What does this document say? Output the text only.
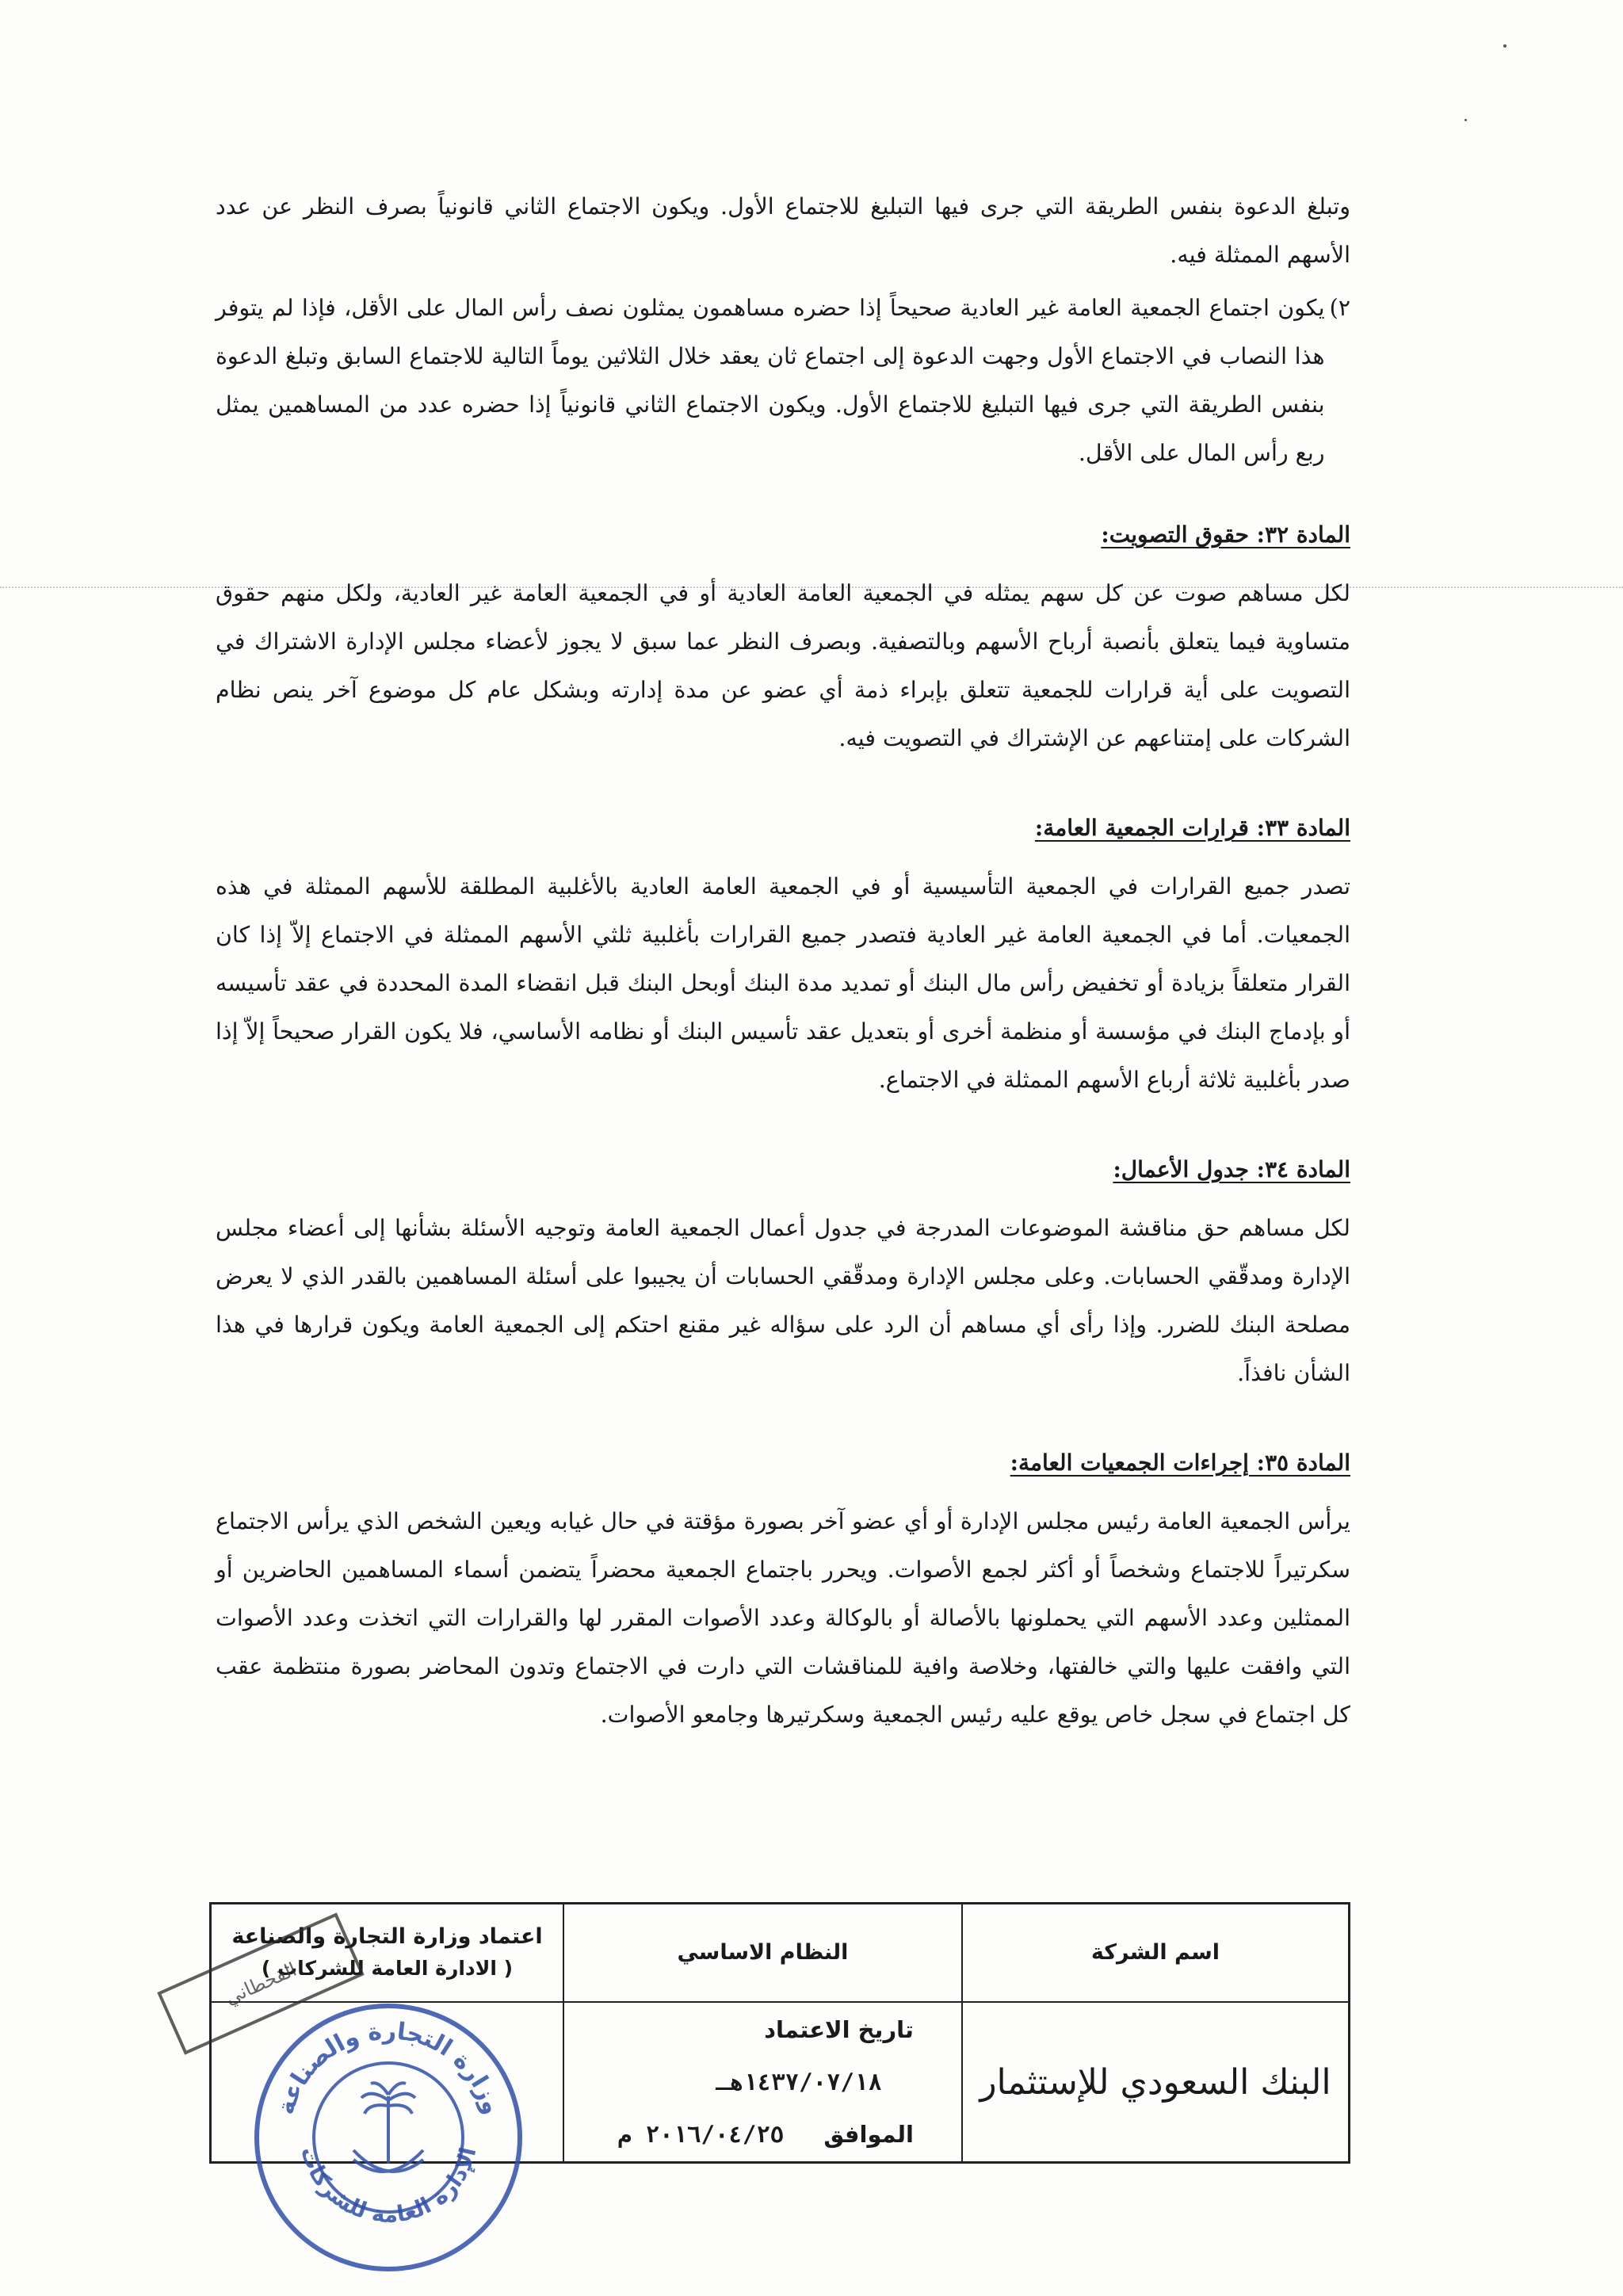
وتبلغ الدعوة بنفس الطريقة التي جرى فيها التبليغ للاجتماع الأول. ويكون الاجتماع الثاني قانونياً بصرف النظر عن عدد الأسهم الممثلة فيه.

٢)

يكون اجتماع الجمعية العامة غير العادية صحيحاً إذا حضره مساهمون يمثلون نصف رأس المال على الأقل، فإذا لم يتوفر هذا النصاب في الاجتماع الأول وجهت الدعوة إلى اجتماع ثان يعقد خلال الثلاثين يوماً التالية للاجتماع السابق وتبلغ الدعوة بنفس الطريقة التي جرى فيها التبليغ للاجتماع الأول. ويكون الاجتماع الثاني قانونياً إذا حضره عدد من المساهمين يمثل ربع رأس المال على الأقل.

المادة ٣٢: حقوق التصويت:

لكل مساهم صوت عن كل سهم يمثله في الجمعية العامة العادية أو في الجمعية العامة غير العادية، ولكل منهم حقوق متساوية فيما يتعلق بأنصبة أرباح الأسهم وبالتصفية. وبصرف النظر عما سبق لا يجوز لأعضاء مجلس الإدارة الاشتراك في التصويت على أية قرارات للجمعية تتعلق بإبراء ذمة أي عضو عن مدة إدارته وبشكل عام كل موضوع آخر ينص نظام الشركات على إمتناعهم عن الإشتراك في التصويت فيه.

المادة ٣٣: قرارات الجمعية العامة:

تصدر جميع القرارات في الجمعية التأسيسية أو في الجمعية العامة العادية بالأغلبية المطلقة للأسهم الممثلة في هذه الجمعيات. أما في الجمعية العامة غير العادية فتصدر جميع القرارات بأغلبية ثلثي الأسهم الممثلة في الاجتماع إلاّ إذا كان القرار متعلقاً بزيادة أو تخفيض رأس مال البنك أو تمديد مدة البنك أوبحل البنك قبل انقضاء المدة المحددة في عقد تأسيسه أو بإدماج البنك في مؤسسة أو منظمة أخرى أو بتعديل عقد تأسيس البنك أو نظامه الأساسي، فلا يكون القرار صحيحاً إلاّ إذا صدر بأغلبية ثلاثة أرباع الأسهم الممثلة في الاجتماع.

المادة ٣٤: جدول الأعمال:

لكل مساهم حق مناقشة الموضوعات المدرجة في جدول أعمال الجمعية العامة وتوجيه الأسئلة بشأنها إلى أعضاء مجلس الإدارة ومدقّقي الحسابات. وعلى مجلس الإدارة ومدقّقي الحسابات أن يجيبوا على أسئلة المساهمين بالقدر الذي لا يعرض مصلحة البنك للضرر. وإذا رأى أي مساهم أن الرد على سؤاله غير مقنع احتكم إلى الجمعية العامة ويكون قرارها في هذا الشأن نافذاً.

المادة ٣٥: إجراءات الجمعيات العامة:

يرأس الجمعية العامة رئيس مجلس الإدارة أو أي عضو آخر بصورة مؤقتة في حال غيابه ويعين الشخص الذي يرأس الاجتماع سكرتيراً للاجتماع وشخصاً أو أكثر لجمع الأصوات. ويحرر باجتماع الجمعية محضراً يتضمن أسماء المساهمين الحاضرين أو الممثلين وعدد الأسهم التي يحملونها بالأصالة أو بالوكالة وعدد الأصوات المقرر لها والقرارات التي اتخذت وعدد الأصوات التي وافقت عليها والتي خالفتها، وخلاصة وافية للمناقشات التي دارت في الاجتماع وتدون المحاضر بصورة منتظمة عقب كل اجتماع في سجل خاص يوقع عليه رئيس الجمعية وسكرتيرها وجامعو الأصوات.

اسم الشركة	النظام الاساسي	اعتماد وزارة التجارة والصناعة
( الادارة العامة للشركات )

البنك السعودي للإستثمار	تاريخ الاعتماد ١٤٣٧/٠٧/١٨هـ
الموافق ٢٠١٦/٠٤/٢٥ م	

القحطاني
وزارة التجارة والصناعة
الإدارة العامة للشركات
